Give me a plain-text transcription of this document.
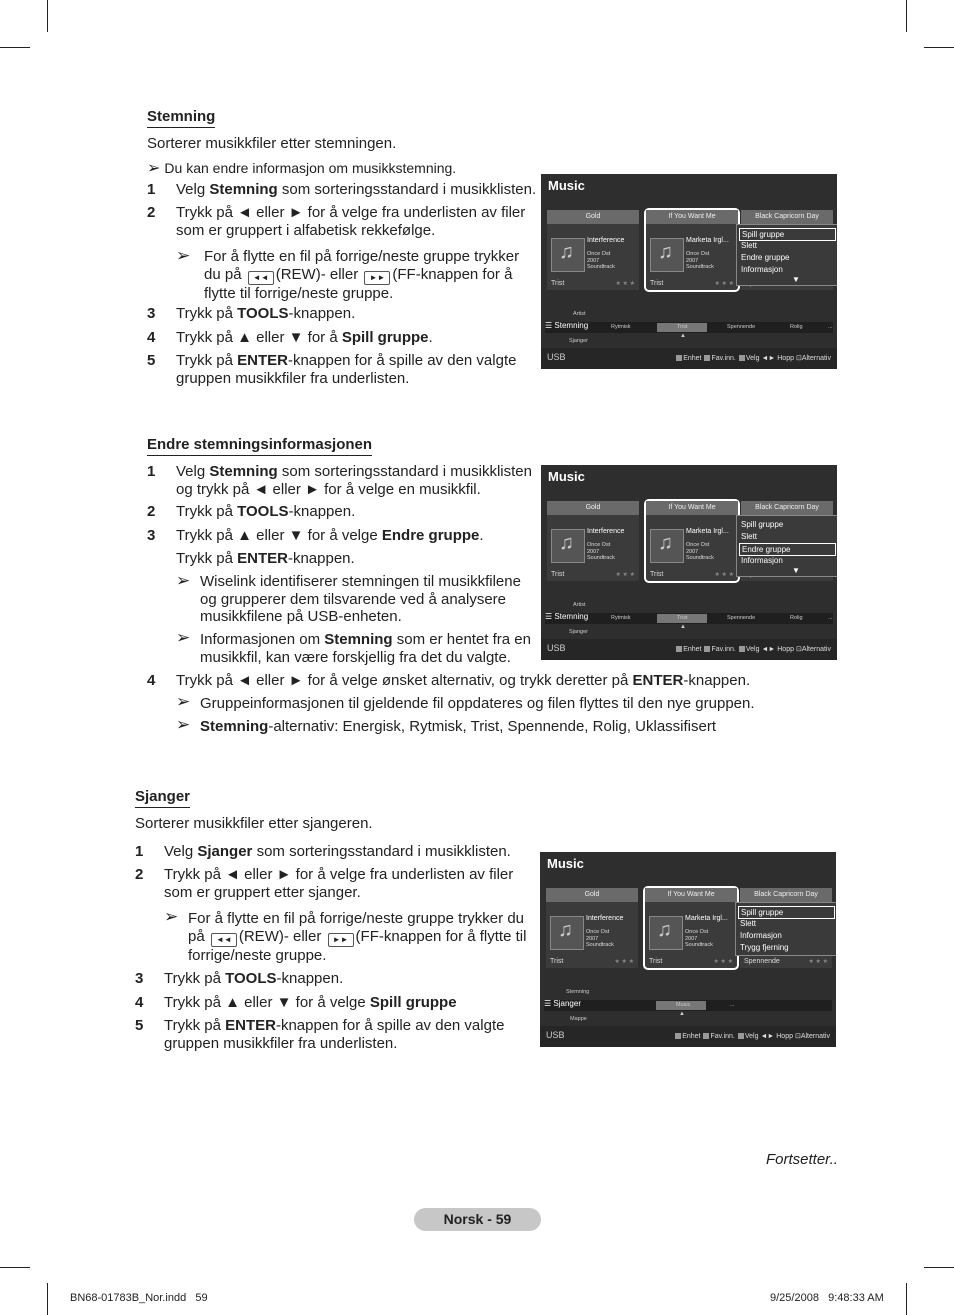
Stemning
Sorterer musikkfiler etter stemningen.
➢ Du kan endre informasjon om musikkstemning.
1 Velg Stemning som sorteringsstandard i musikklisten.
2 Trykk på ◄ eller ► for å velge fra underlisten av filer
som er gruppert i alfabetisk rekkefølge.
➢ For å flytte en fil på forrige/neste gruppe trykker
du på ◄◄ (REW)- eller ►► (FF-knappen for å
flytte til forrige/neste gruppe.
3 Trykk på TOOLS-knappen.
4 Trykk på ▲ eller ▼ for å Spill gruppe.
5 Trykk på ENTER-knappen for å spille av den valgte
gruppen musikkfiler fra underlisten.
Music
Gold
♫
Interference
Once Ost
2007
Soundtrack
Trist	★ ★ ★
If You Want Me
♫
Marketa Irgl...
Once Ost
2007
Soundtrack
Trist	★ ★ ★
Black Capricorn Day
Spill gruppe
Slett
Endre gruppe
Informasjon
▼
Artist
Rytmisk	Trist	Spennende	Rolig	...
☰ Stemning
▲
Sjanger
USB	Enhet Fav.inn. Velg ◄► Hopp ⊡Alternativ
Endre stemningsinformasjonen
1 Velg Stemning som sorteringsstandard i musikklisten
og trykk på ◄ eller ► for å velge en musikkfil.
2 Trykk på TOOLS-knappen.
3 Trykk på ▲ eller ▼ for å velge Endre gruppe.
Trykk på ENTER-knappen.
➢ Wiselink identifiserer stemningen til musikkfilene
og grupperer dem tilsvarende ved å analysere
musikkfilene på USB-enheten.
➢ Informasjonen om Stemning som er hentet fra en
musikkfil, kan være forskjellig fra det du valgte.
4 Trykk på ◄ eller ► for å velge ønsket alternativ, og trykk deretter på ENTER-knappen.
➢ Gruppeinformasjonen til gjeldende fil oppdateres og filen flyttes til den nye gruppen.
➢ Stemning-alternativ: Energisk, Rytmisk, Trist, Spennende, Rolig, Uklassifisert
Music
Gold
♫
Interference
Once Ost
2007
Soundtrack
Trist	★ ★ ★
If You Want Me
♫
Marketa Irgl...
Once Ost
2007
Soundtrack
Trist	★ ★ ★
Black Capricorn Day
Spill gruppe
Slett
Endre gruppe
Informasjon
▼
Artist
Rytmisk	Trist	Spennende	Rolig	...
☰ Stemning
▲
Sjanger
USB	Enhet Fav.inn. Velg ◄► Hopp ⊡Alternativ
Sjanger
Sorterer musikkfiler etter sjangeren.
1 Velg Sjanger som sorteringsstandard i musikklisten.
2 Trykk på ◄ eller ► for å velge fra underlisten av filer
som er gruppert etter sjanger.
➢ For å flytte en fil på forrige/neste gruppe trykker du
på ◄◄ (REW)- eller ►► (FF-knappen for å flytte til
forrige/neste gruppe.
3 Trykk på TOOLS-knappen.
4 Trykk på ▲ eller ▼ for å velge Spill gruppe
5 Trykk på ENTER-knappen for å spille av den valgte
gruppen musikkfiler fra underlisten.
Music
Gold
♫
Interference
Once Ost
2007
Soundtrack
Trist	★ ★ ★
If You Want Me
♫
Marketa Irgl...
Once Ost
2007
Soundtrack
Trist	★ ★ ★
Black Capricorn Day
Spennende	★ ★ ★
Spill gruppe
Slett
Informasjon
Trygg fjerning
Stemning
Music	...
☰ Sjanger
▲
Mappe
USB	Enhet Fav.inn. Velg ◄► Hopp ⊡Alternativ
Fortsetter..
Norsk - 59
BN68-01783B_Nor.indd   59	9/25/2008   9:48:33 AM
